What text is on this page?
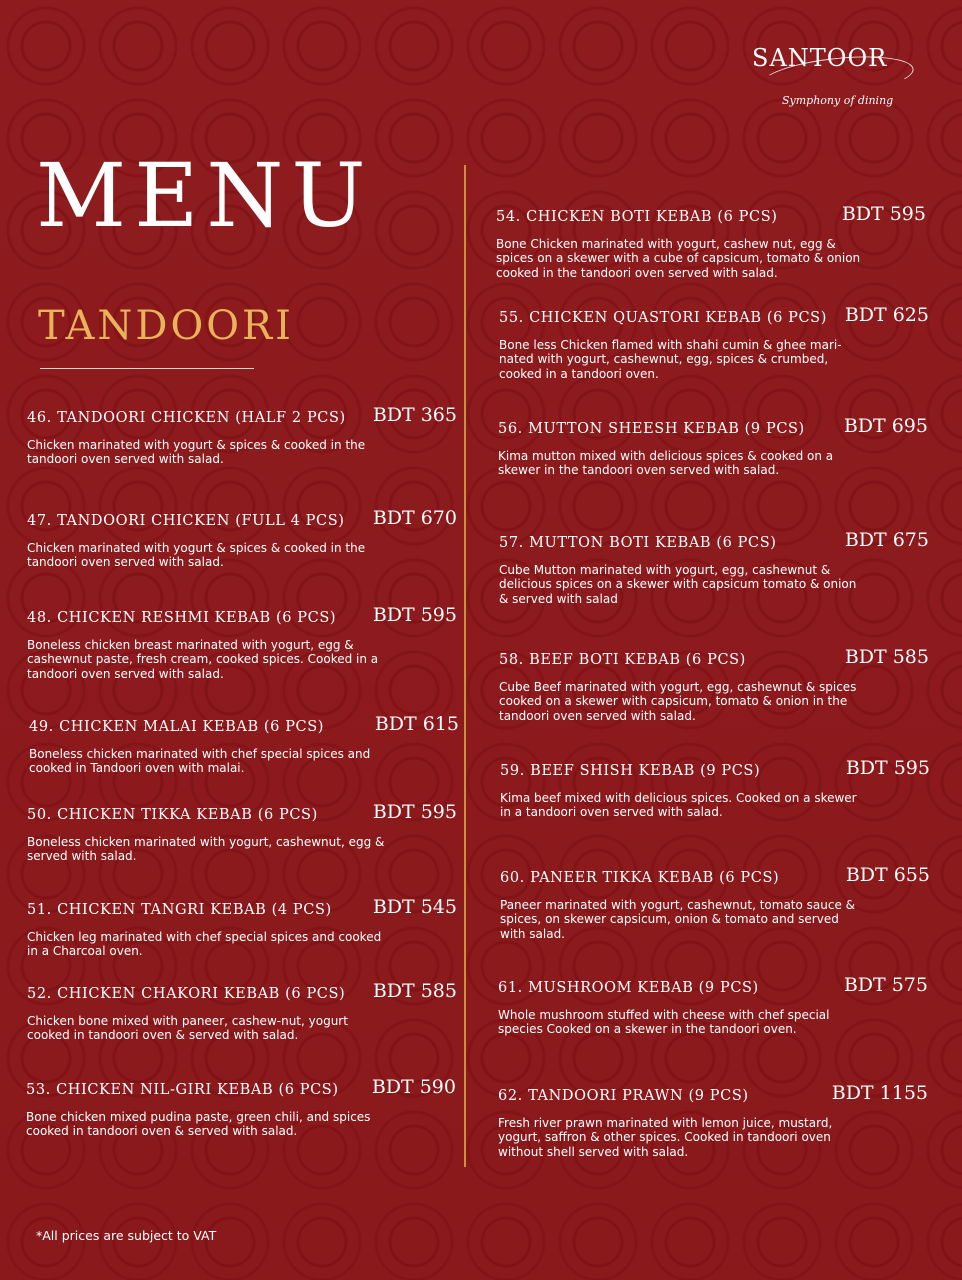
SANTOOR
Symphony of dining
MENU
TANDOORI
46. TANDOORI CHICKEN (HALF 2 PCS) BDT 365
Chicken marinated with yogurt & spices & cooked in the tandoori oven served with salad.
47. TANDOORI CHICKEN (FULL 4 PCS) BDT 670
Chicken marinated with yogurt & spices & cooked in the tandoori oven served with salad.
48. CHICKEN RESHMI KEBAB (6 PCS) BDT 595
Boneless chicken breast marinated with yogurt, egg & cashewnut paste, fresh cream, cooked spices. Cooked in a tandoori oven served with salad.
49. CHICKEN MALAI KEBAB (6 PCS)	BDT 615
Boneless chicken marinated with chef special spices and cooked in Tandoori oven with malai.
50. CHICKEN TIKKA KEBAB (6 PCS)	BDT 595
Boneless chicken marinated with yogurt, cashewnut, egg & served with salad.
51. CHICKEN TANGRI KEBAB (4 PCS) BDT 545
Chicken leg marinated with chef special spices and cooked in a Charcoal oven.
52. CHICKEN CHAKORI KEBAB (6 PCS) BDT 585
Chicken bone mixed with paneer, cashew-nut, yogurt cooked in tandoori oven & served with salad.
53. CHICKEN NIL-GIRI KEBAB (6 PCS) BDT 590
Bone chicken mixed pudina paste, green chili, and spices cooked in tandoori oven & served with salad.
54. CHICKEN BOTI KEBAB (6 PCS)	BDT 595
Bone Chicken marinated with yogurt, cashew nut, egg & spices on a skewer with a cube of capsicum, tomato & onion cooked in the tandoori oven served with salad.
55. CHICKEN QUASTORI KEBAB (6 PCS) BDT 625
Bone less Chicken flamed with shahi cumin & ghee mari-nated with yogurt, cashewnut, egg, spices & crumbed, cooked in a tandoori oven.
56. MUTTON SHEESH KEBAB (9 PCS) BDT 695
Kima mutton mixed with delicious spices & cooked on a skewer in the tandoori oven served with salad.
57. MUTTON BOTI KEBAB (6 PCS)	BDT 675
Cube Mutton marinated with yogurt, egg, cashewnut & delicious spices on a skewer with capsicum tomato & onion & served with salad
58. BEEF BOTI KEBAB (6 PCS)	BDT 585
Cube Beef marinated with yogurt, egg, cashewnut & spices cooked on a skewer with capsicum, tomato & onion in the tandoori oven served with salad.
59. BEEF SHISH KEBAB (9 PCS)	BDT 595
Kima beef mixed with delicious spices. Cooked on a skewer in a tandoori oven served with salad.
60. PANEER TIKKA KEBAB (6 PCS)	BDT 655
Paneer marinated with yogurt, cashewnut, tomato sauce & spices, on skewer capsicum, onion & tomato and served with salad.
61. MUSHROOM KEBAB (9 PCS)	BDT 575
Whole mushroom stuffed with cheese with chef special species Cooked on a skewer in the tandoori oven.
62. TANDOORI PRAWN (9 PCS)	BDT 1155
Fresh river prawn marinated with lemon juice, mustard, yogurt, saffron & other spices. Cooked in tandoori oven without shell served with salad.
*All prices are subject to VAT
